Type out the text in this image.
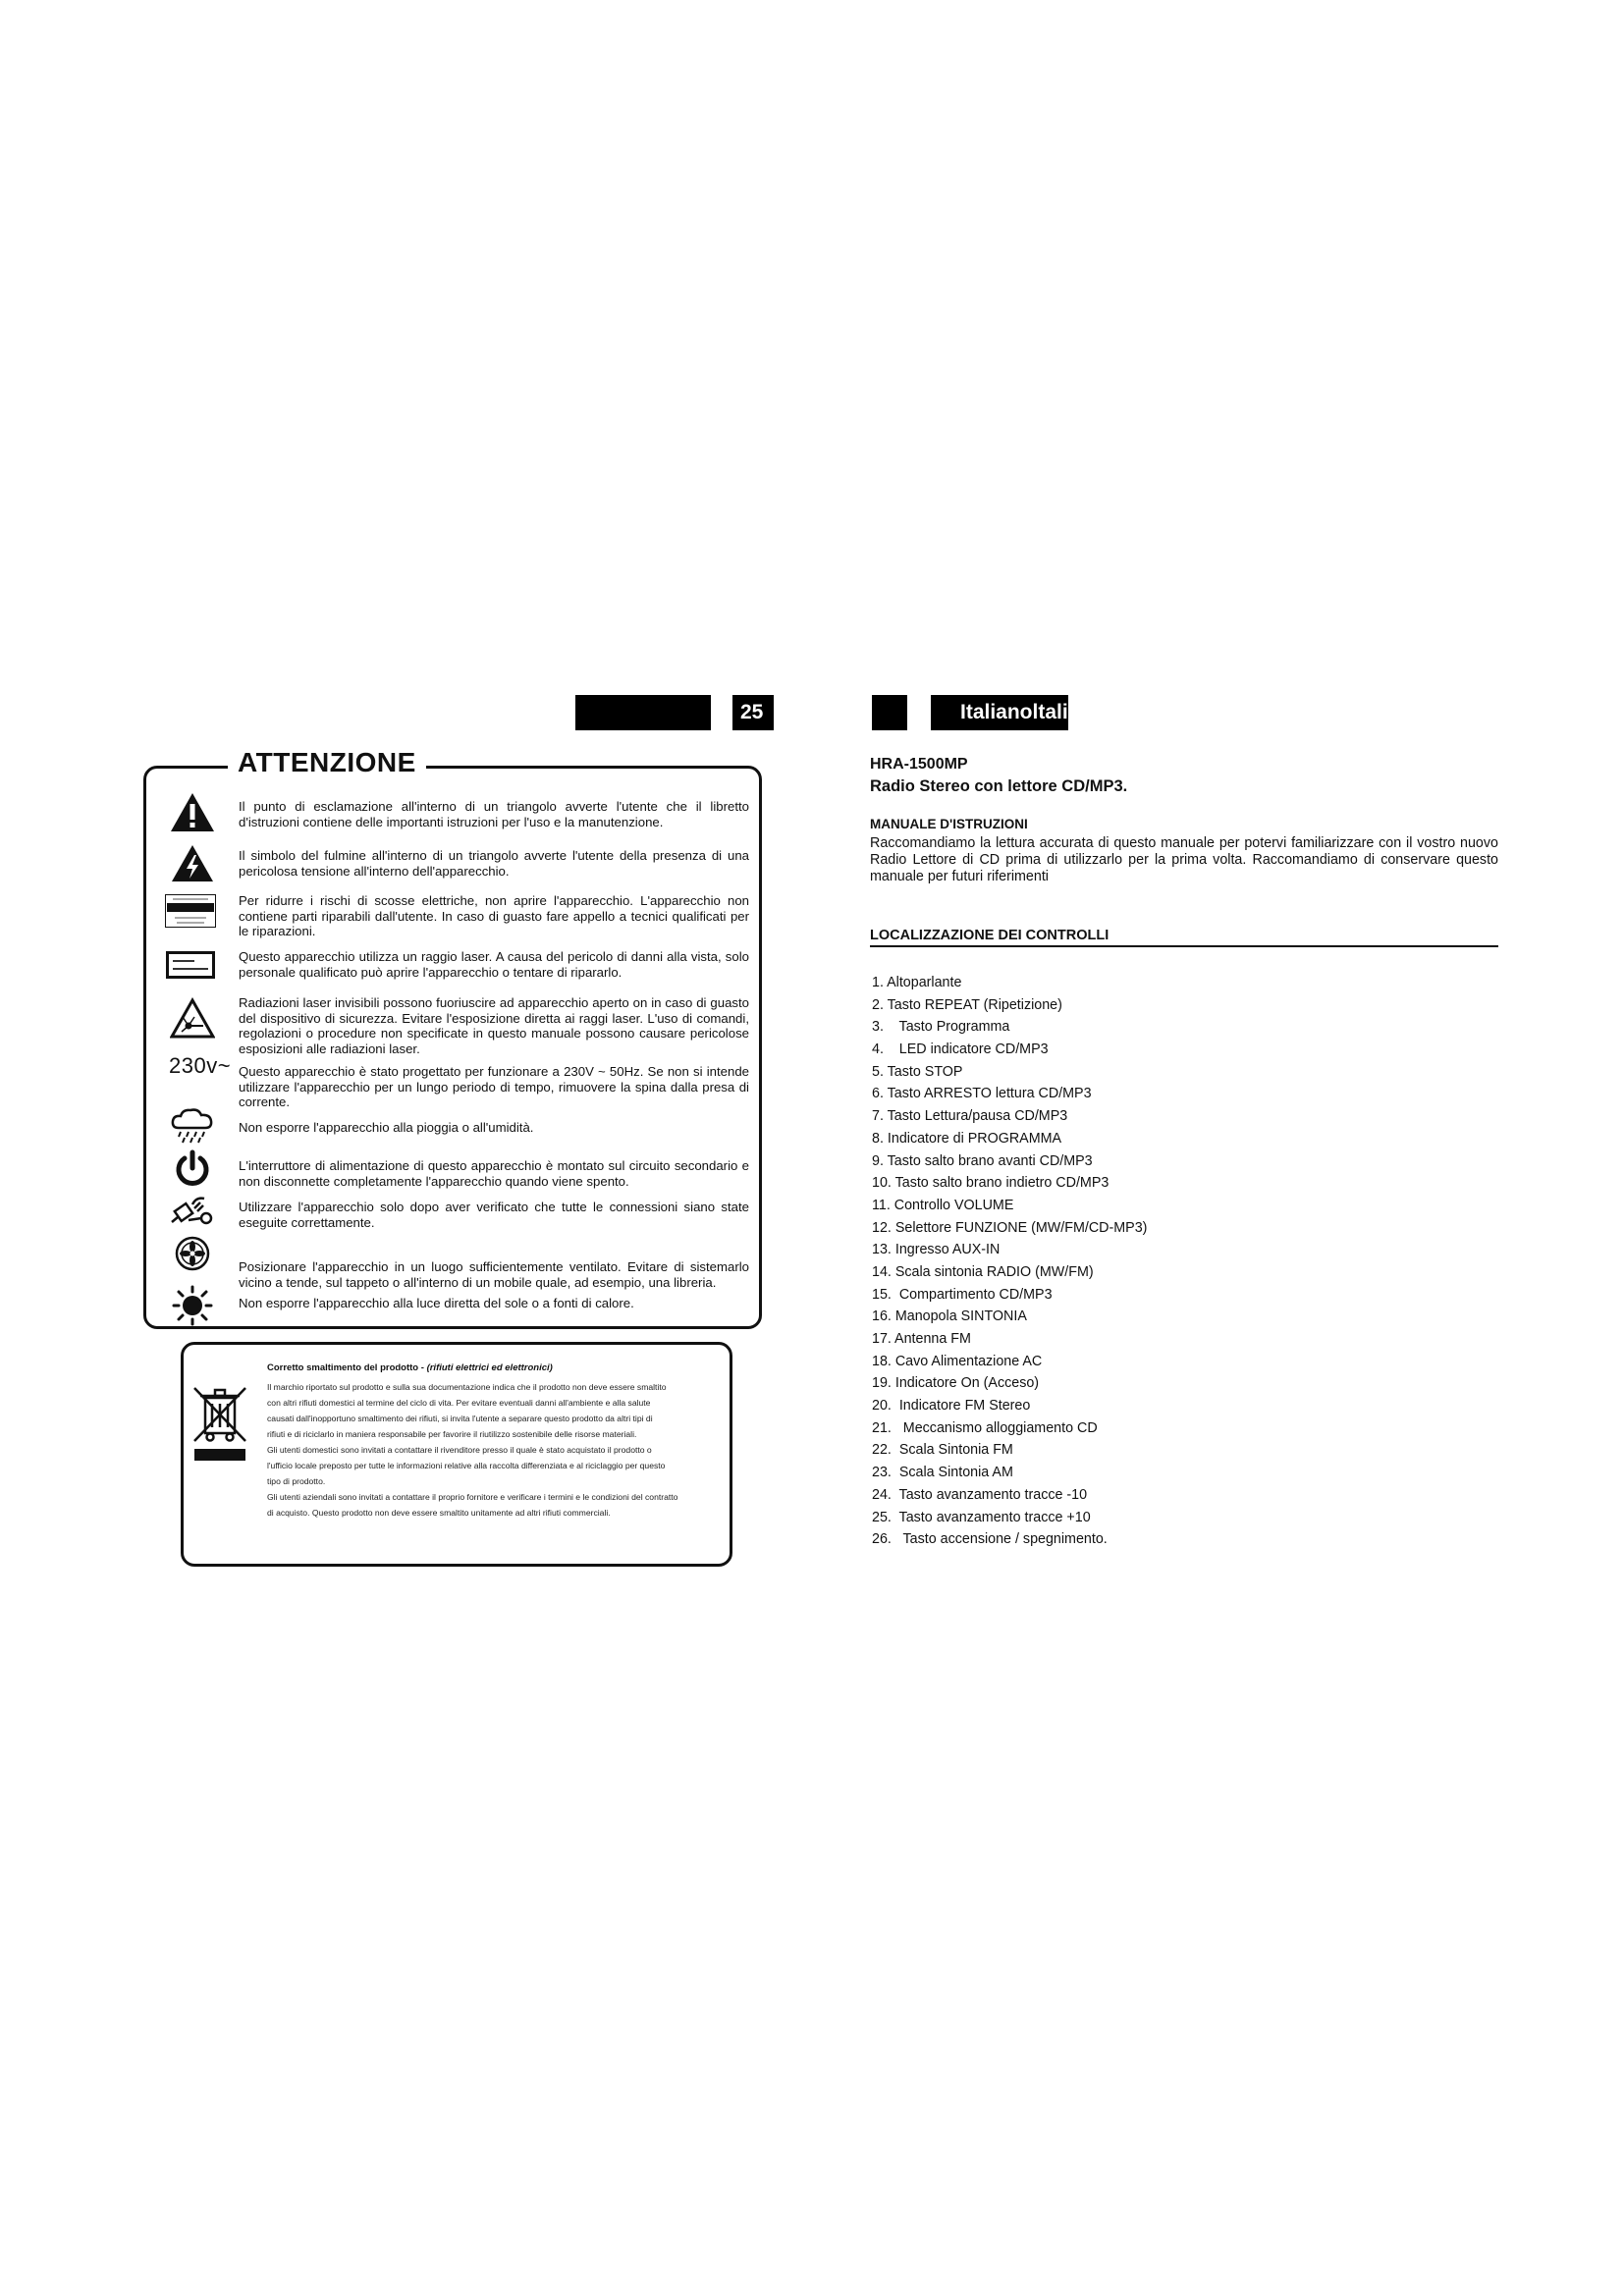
25	Italianoltali
ATTENZIONE
Il punto di esclamazione all'interno di un triangolo avverte l'utente che il libretto d'istruzioni contiene delle importanti istruzioni per l'uso e la manutenzione.
Il simbolo del fulmine all'interno di un triangolo avverte l'utente della presenza di una pericolosa tensione all'interno dell'apparecchio.
Per ridurre i rischi di scosse elettriche, non aprire l'apparecchio. L'apparecchio non contiene parti riparabili dall'utente. In caso di guasto fare appello a tecnici qualificati per le riparazioni.
Questo apparecchio utilizza un raggio laser. A causa del pericolo di danni alla vista, solo personale qualificato può aprire l'apparecchio o tentare di ripararlo.
Radiazioni laser invisibili possono fuoriuscire ad apparecchio aperto on in caso di guasto del dispositivo di sicurezza. Evitare l'esposizione diretta ai raggi laser. L'uso di comandi, regolazioni o procedure non specificate in questo manuale possono causare pericolose esposizioni alle radiazioni laser.
230v~ Questo apparecchio è stato progettato per funzionare a 230V ~ 50Hz. Se non si intende utilizzare l'apparecchio per un lungo periodo di tempo, rimuovere la spina dalla presa di corrente.
Non esporre l'apparecchio alla pioggia o all'umidità.
L'interruttore di alimentazione di questo apparecchio è montato sul circuito secondario e non disconnette completamente l'apparecchio quando viene spento.
Utilizzare l'apparecchio solo dopo aver verificato che tutte le connessioni siano state eseguite correttamente.
Posizionare l'apparecchio in un luogo sufficientemente ventilato. Evitare di sistemarlo vicino a tende, sul tappeto o all'interno di un mobile quale, ad esempio, una libreria.
Non esporre l'apparecchio alla luce diretta del sole o a fonti di calore.
Corretto smaltimento del prodotto - (rifiuti elettrici ed elettronici)
Il marchio riportato sul prodotto e sulla sua documentazione indica che il prodotto non deve essere smaltito
con altri rifiuti domestici al termine del ciclo di vita. Per evitare eventuali danni all'ambiente e alla salute
causati dall'inopportuno smaltimento dei rifiuti, si invita l'utente a separare questo prodotto da altri tipi di
rifiuti e di riciclarlo in maniera responsabile per favorire il riutilizzo sostenibile delle risorse materiali.
Gli utenti domestici sono invitati a contattare il rivenditore presso il quale è stato acquistato il prodotto o
l'ufficio locale preposto per tutte le informazioni relative alla raccolta differenziata e al riciclaggio per questo
tipo di prodotto.
Gli utenti aziendali sono invitati a contattare il proprio fornitore e verificare i termini e le condizioni del contratto
di acquisto. Questo prodotto non deve essere smaltito unitamente ad altri rifiuti commerciali.
HRA-1500MP
Radio Stereo con lettore CD/MP3.
MANUALE D'ISTRUZIONI
Raccomandiamo la lettura accurata di questo manuale per potervi familiarizzare con il vostro nuovo Radio Lettore di CD prima di utilizzarlo per la prima volta. Raccomandiamo di conservare questo manuale per futuri riferimenti
LOCALIZZAZIONE DEI CONTROLLI
1. Altoparlante
2. Tasto REPEAT (Ripetizione)
3.    Tasto Programma
4.    LED indicatore CD/MP3
5. Tasto STOP
6. Tasto ARRESTO lettura CD/MP3
7. Tasto Lettura/pausa CD/MP3
8. Indicatore di PROGRAMMA
9. Tasto salto brano avanti CD/MP3
10. Tasto salto brano indietro CD/MP3
11. Controllo VOLUME
12. Selettore FUNZIONE (MW/FM/CD-MP3)
13. Ingresso AUX-IN
14. Scala sintonia RADIO (MW/FM)
15.  Compartimento CD/MP3
16. Manopola SINTONIA
17. Antenna FM
18. Cavo Alimentazione AC
19. Indicatore On (Acceso)
20.  Indicatore FM Stereo
21.   Meccanismo alloggiamento CD
22.  Scala Sintonia FM
23.  Scala Sintonia AM
24.  Tasto avanzamento tracce -10
25.  Tasto avanzamento tracce +10
26.   Tasto accensione / spegnimento.
